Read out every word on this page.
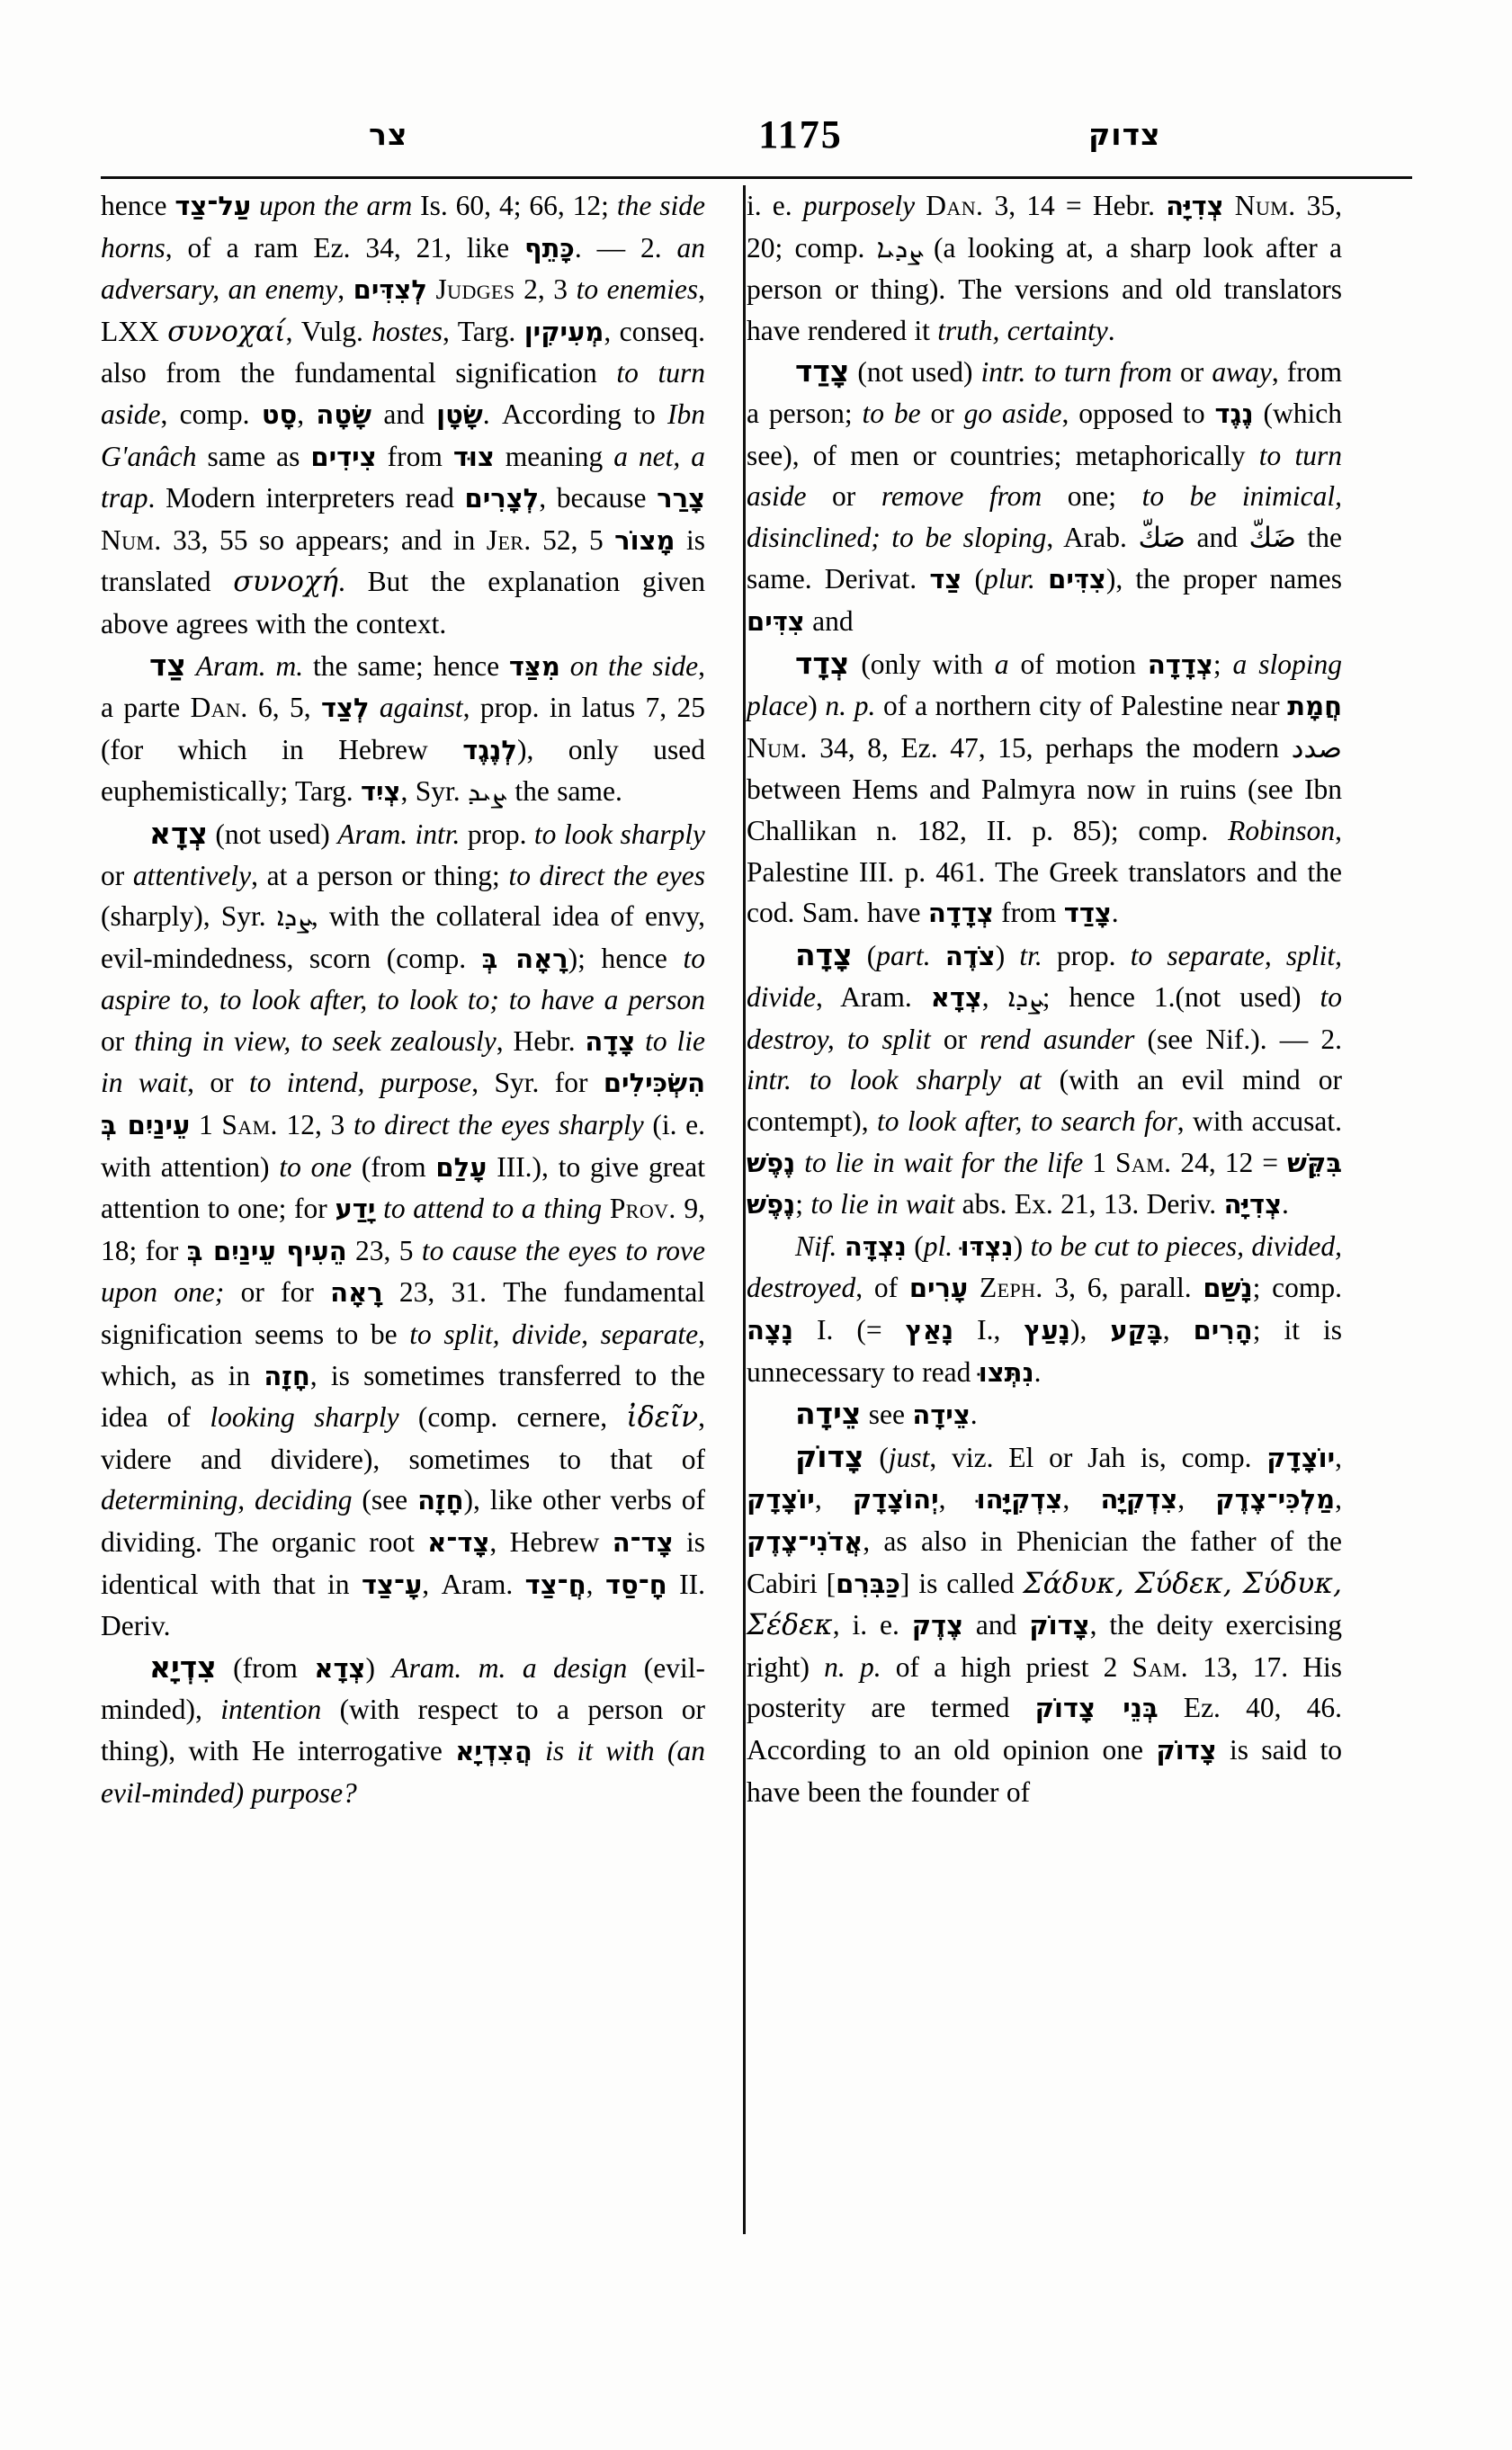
צר	1175	צדוק

hence עַל־צַד upon the arm Is. 60, 4; 66, 12; the side horns, of a ram Ez. 34, 21, like כָּתֵף. — 2. an adversary, an enemy, לְצִדִּים Judges 2, 3 to enemies, LXX συνοχαί, Vulg. hostes, Targ. מְעִיקִין, conseq. also from the fundamental signification to turn aside, comp. סָט, שָׂטָה and שָׂטָן. According to Ibn G'anâch same as צִידִים from צוּד meaning a net, a trap. Modern interpreters read לְצָרִים, because צָרַר Num. 33, 55 so appears; and in Jer. 52, 5 מָצוֹר is translated συνοχή. But the explanation given above agrees with the context.

צַד Aram. m. the same; hence מִצַּד on the side, a parte Dan. 6, 5, לְצַד against, prop. in latus 7, 25 (for which in Hebrew לְנֶגֶד), only used euphemistically; Targ. צְיִד, Syr. ܨܝܕ the same.

צְדָא (not used) Aram. intr. prop. to look sharply or attentively, at a person or thing; to direct the eyes (sharply), Syr. ܨܕܐ, with the collateral idea of envy, evil-mindedness, scorn (comp. רָאָה בְּ); hence to aspire to, to look after, to look to; to have a person or thing in view, to seek zealously, Hebr. צָדָה to lie in wait, or to intend, purpose, Syr. for הִשְׂכִּילִים עֵינַיִם בְּ 1 Sam. 12, 3 to direct the eyes sharply (i. e. with attention) to one (from עָלַם III.), to give great attention to one; for יָדַע to attend to a thing Prov. 9, 18; for הֵעִיף עֵינַיִם בְּ 23, 5 to cause the eyes to rove upon one; or for רָאָה 23, 31. The fundamental signification seems to be to split, divide, separate, which, as in חָזָה, is sometimes transferred to the idea of looking sharply (comp. cernere, ἰδεῖν, videre and dividere), sometimes to that of determining, deciding (see חָזָה), like other verbs of dividing. The organic root צָד־א, Hebrew צָד־ה is identical with that in עָ־צַד, Aram. חֲ־צַד, חָ־סַד II. Deriv.

צִדְיָא (from צְדָא) Aram. m. a design (evil-minded), intention (with respect to a person or thing), with He interrogative הֲצִדְיָא is it with (an evil-minded) purpose?

i. e. purposely Dan. 3, 14 = Hebr. צְדִיָּה Num. 35, 20; comp. ܨܕܝܐ (a looking at, a sharp look after a person or thing). The versions and old translators have rendered it truth, certainty.

צָדַד (not used) intr. to turn from or away, from a person; to be or go aside, opposed to נֶגֶד (which see), of men or countries; metaphorically to turn aside or remove from one; to be inimical, disinclined; to be sloping, Arab. صَكّ and ضَكّ the same. Derivat. צַד (plur. צִדִּים), the proper names צִדִּים and

צְדָד (only with a of motion צְדָדָה; a sloping place) n. p. of a northern city of Palestine near חֲמָת Num. 34, 8, Ez. 47, 15, perhaps the modern صدد between Hems and Palmyra now in ruins (see Ibn Challikan n. 182, II. p. 85); comp. Robinson, Palestine III. p. 461. The Greek translators and the cod. Sam. have צְדָדָה from צָדַד.

צָדָה (part. צֹדֶה) tr. prop. to separate, split, divide, Aram. צְדָא, ܨܕܐ; hence 1.(not used) to destroy, to split or rend asunder (see Nif.). — 2. intr. to look sharply at (with an evil mind or contempt), to look after, to search for, with accusat. נֶפֶשׁ to lie in wait for the life 1 Sam. 24, 12 = בִּקֵּשׁ נֶפֶשׁ; to lie in wait abs. Ex. 21, 13. Deriv. צְדִיָּה.

Nif. נִצְדָּה (pl. נִצְדּוּ) to be cut to pieces, divided, destroyed, of עָרִים Zeph. 3, 6, parall. נָשַׁם; comp. נָצָה I. (= נָאַץ I., נָעַץ), בָּקַע, הָרִים; it is unnecessary to read נִתְּצוּ.

צֵידָה see צֵידָה.

צָדוֹק (just, viz. El or Jah is, comp. יוֹצָדָק, יוֹצָדָק, יְהוֹצָדָק, צִדְקִיָּהוּ, צִדְקִיָּה, מַלְכִּי־צֶדֶק, אֲדֹנִי־צֶדֶק, as also in Phenician the father of the Cabiri [כַּבִּרִם] is called Σάδυκ, Σύδεκ, Σύδυκ, Σέδεκ, i. e. צֶדֶק and צָדוֹק, the deity exercising right) n. p. of a high priest 2 Sam. 13, 17. His posterity are termed בְּנֵי צָדוֹק Ez. 40, 46. According to an old opinion one צָדוֹק is said to have been the founder of
